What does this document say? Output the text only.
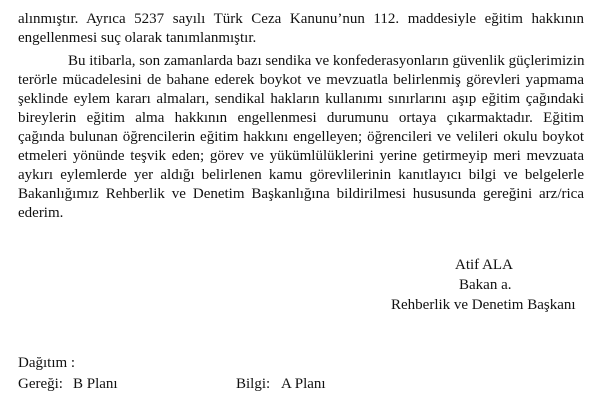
alınmıştır. Ayrıca 5237 sayılı Türk Ceza Kanunu’nun 112. maddesiyle eğitim hakkının
engellenmesi suç olarak tanımlanmıştır.
Bu itibarla, son zamanlarda bazı sendika ve konfederasyonların güvenlik güçlerimizin
terörle mücadelesini de bahane ederek boykot ve mevzuatla belirlenmiş görevleri yapmama
şeklinde eylem kararı almaları, sendikal hakların kullanımı sınırlarını aşıp eğitim çağındaki
bireylerin eğitim alma hakkının engellenmesi durumunu ortaya çıkarmaktadır. Eğitim
çağında bulunan öğrencilerin eğitim hakkını engelleyen; öğrencileri ve velileri okulu boykot
etmeleri yönünde teşvik eden; görev ve yükümlülüklerini yerine getirmeyip meri mevzuata
aykırı eylemlerde yer aldığı belirlenen kamu görevlilerinin kanıtlayıcı bilgi ve belgelerle
Bakanlığımız Rehberlik ve Denetim Başkanlığına bildirilmesi hususunda gereğini arz/rica
ederim.
Atif ALA
Bakan a.
Rehberlik ve Denetim Başkanı
Dağıtım :
Gereği: B Planı	Bilgi: A Planı
